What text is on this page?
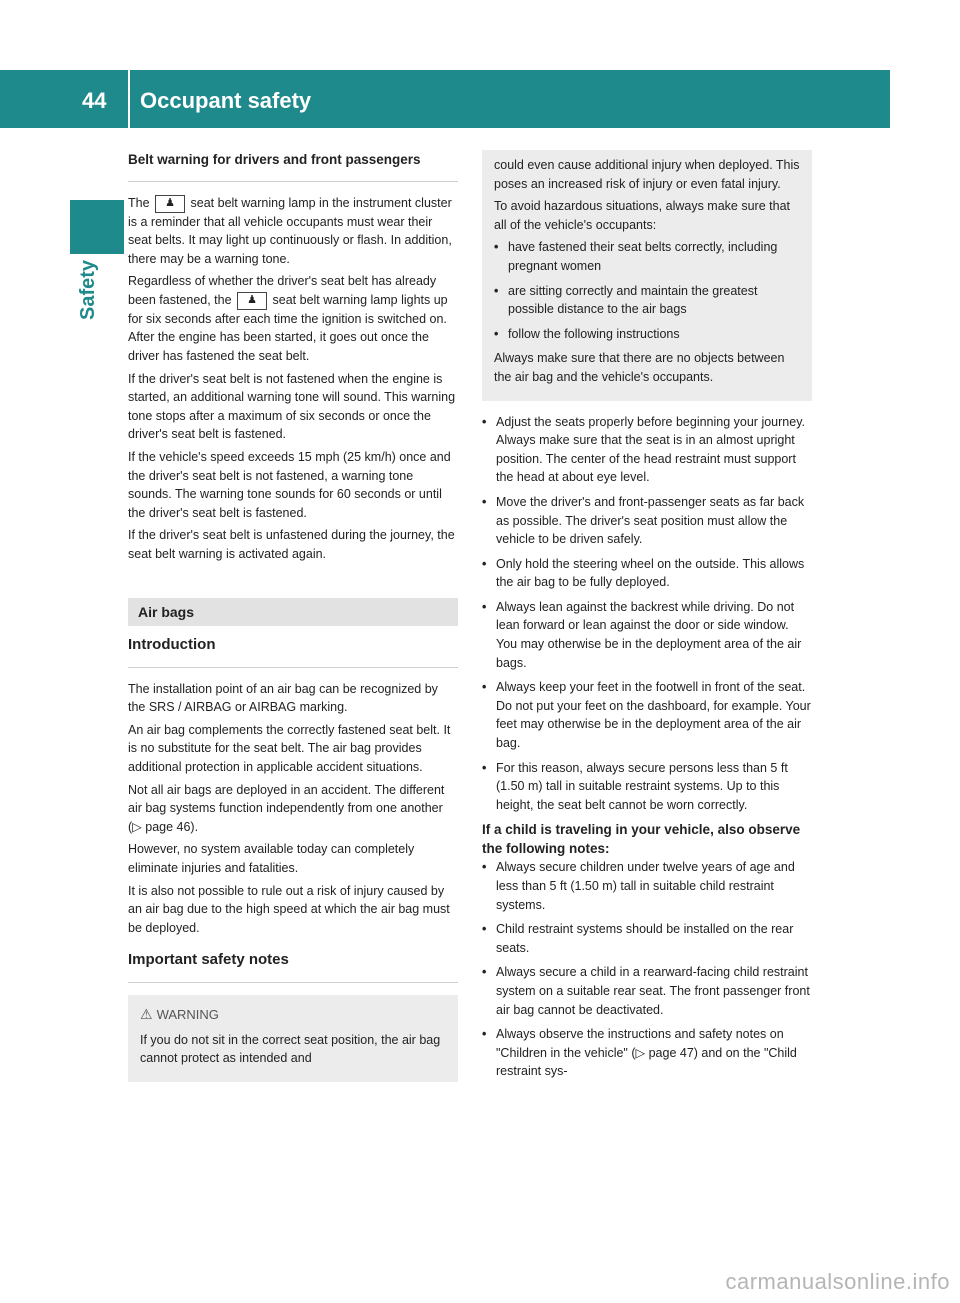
44 Occupant safety
Safety
Belt warning for drivers and front passengers

The ♟ seat belt warning lamp in the instrument cluster is a reminder that all vehicle occupants must wear their seat belts. It may light up continuously or flash. In addition, there may be a warning tone.

Regardless of whether the driver's seat belt has already been fastened, the ♟ seat belt warning lamp lights up for six seconds after each time the ignition is switched on. After the engine has been started, it goes out once the driver has fastened the seat belt.

If the driver's seat belt is not fastened when the engine is started, an additional warning tone will sound. This warning tone stops after a maximum of six seconds or once the driver's seat belt is fastened.

If the vehicle's speed exceeds 15 mph (25 km/h) once and the driver's seat belt is not fastened, a warning tone sounds. The warning tone sounds for 60 seconds or until the driver's seat belt is fastened.

If the driver's seat belt is unfastened during the journey, the seat belt warning is activated again.

Air bags
Introduction

The installation point of an air bag can be recognized by the SRS / AIRBAG or AIRBAG marking.

An air bag complements the correctly fastened seat belt. It is no substitute for the seat belt. The air bag provides additional protection in applicable accident situations.

Not all air bags are deployed in an accident. The different air bag systems function independently from one another (▷ page 46).

However, no system available today can completely eliminate injuries and fatalities.

It is also not possible to rule out a risk of injury caused by an air bag due to the high speed at which the air bag must be deployed.

Important safety notes
⚠ WARNING

If you do not sit in the correct seat position, the air bag cannot protect as intended and

could even cause additional injury when deployed. This poses an increased risk of injury or even fatal injury.

To avoid hazardous situations, always make sure that all of the vehicle's occupants:

• have fastened their seat belts correctly, including pregnant women
• are sitting correctly and maintain the greatest possible distance to the air bags
• follow the following instructions

Always make sure that there are no objects between the air bag and the vehicle's occupants.

• Adjust the seats properly before beginning your journey. Always make sure that the seat is in an almost upright position. The center of the head restraint must support the head at about eye level.
• Move the driver's and front-passenger seats as far back as possible. The driver's seat position must allow the vehicle to be driven safely.
• Only hold the steering wheel on the outside. This allows the air bag to be fully deployed.
• Always lean against the backrest while driving. Do not lean forward or lean against the door or side window. You may otherwise be in the deployment area of the air bags.
• Always keep your feet in the footwell in front of the seat. Do not put your feet on the dashboard, for example. Your feet may otherwise be in the deployment area of the air bag.
• For this reason, always secure persons less than 5 ft (1.50 m) tall in suitable restraint systems. Up to this height, the seat belt cannot be worn correctly.
If a child is traveling in your vehicle, also observe the following notes:
• Always secure children under twelve years of age and less than 5 ft (1.50 m) tall in suitable child restraint systems.
• Child restraint systems should be installed on the rear seats.
• Always secure a child in a rearward-facing child restraint system on a suitable rear seat. The front passenger front air bag cannot be deactivated.
• Always observe the instructions and safety notes on "Children in the vehicle" (▷ page 47) and on the "Child restraint sys-
carmanualsonline.info
